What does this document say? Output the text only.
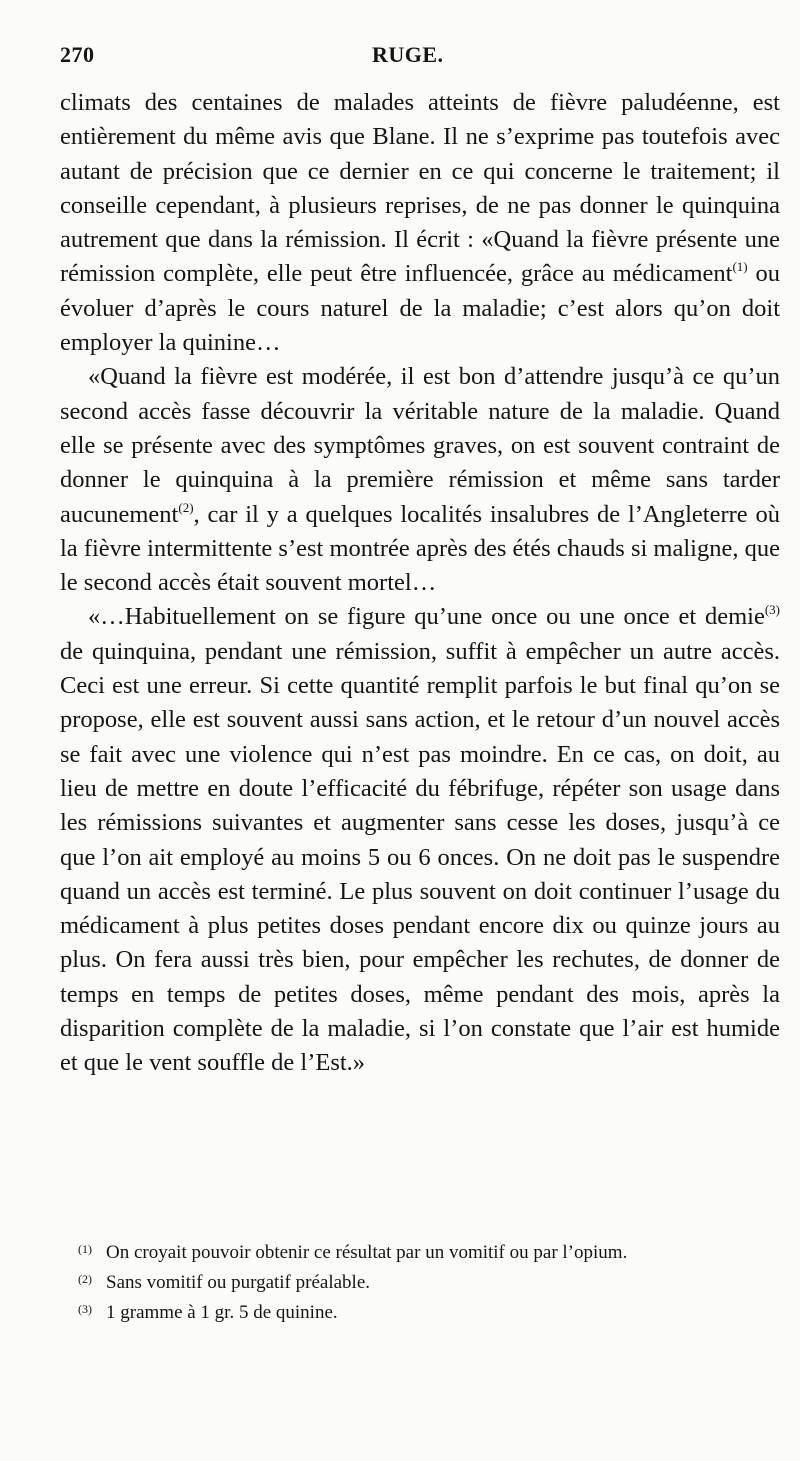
270	RUGE.

climats des centaines de malades atteints de fièvre paludéenne, est entièrement du même avis que Blane. Il ne s’exprime pas toutefois avec autant de précision que ce dernier en ce qui concerne le traitement; il conseille cependant, à plusieurs reprises, de ne pas donner le quinquina autrement que dans la rémission. Il écrit : «Quand la fièvre présente une rémission complète, elle peut être influencée, grâce au médicament$^{(1)}$ ou évoluer d’après le cours naturel de la maladie; c’est alors qu’on doit employer la quinine…

«Quand la fièvre est modérée, il est bon d’attendre jusqu’à ce qu’un second accès fasse découvrir la véritable nature de la maladie. Quand elle se présente avec des symptômes graves, on est souvent contraint de donner le quinquina à la première rémission et même sans tarder aucunement$^{(2)}$, car il y a quelques localités insalubres de l’Angleterre où la fièvre intermittente s’est montrée après des étés chauds si maligne, que le second accès était souvent mortel…

«…Habituellement on se figure qu’une once ou une once et demie$^{(3)}$ de quinquina, pendant une rémission, suffit à empêcher un autre accès. Ceci est une erreur. Si cette quantité remplit parfois le but final qu’on se propose, elle est souvent aussi sans action, et le retour d’un nouvel accès se fait avec une violence qui n’est pas moindre. En ce cas, on doit, au lieu de mettre en doute l’efficacité du fébrifuge, répéter son usage dans les rémissions suivantes et augmenter sans cesse les doses, jusqu’à ce que l’on ait employé au moins 5 ou 6 onces. On ne doit pas le suspendre quand un accès est terminé. Le plus souvent on doit continuer l’usage du médicament à plus petites doses pendant encore dix ou quinze jours au plus. On fera aussi très bien, pour empêcher les rechutes, de donner de temps en temps de petites doses, même pendant des mois, après la disparition complète de la maladie, si l’on constate que l’air est humide et que le vent souffle de l’Est.»

(1) On croyait pouvoir obtenir ce résultat par un vomitif ou par l’opium.
(2) Sans vomitif ou purgatif préalable.
(3) 1 gramme à 1 gr. 5 de quinine.
